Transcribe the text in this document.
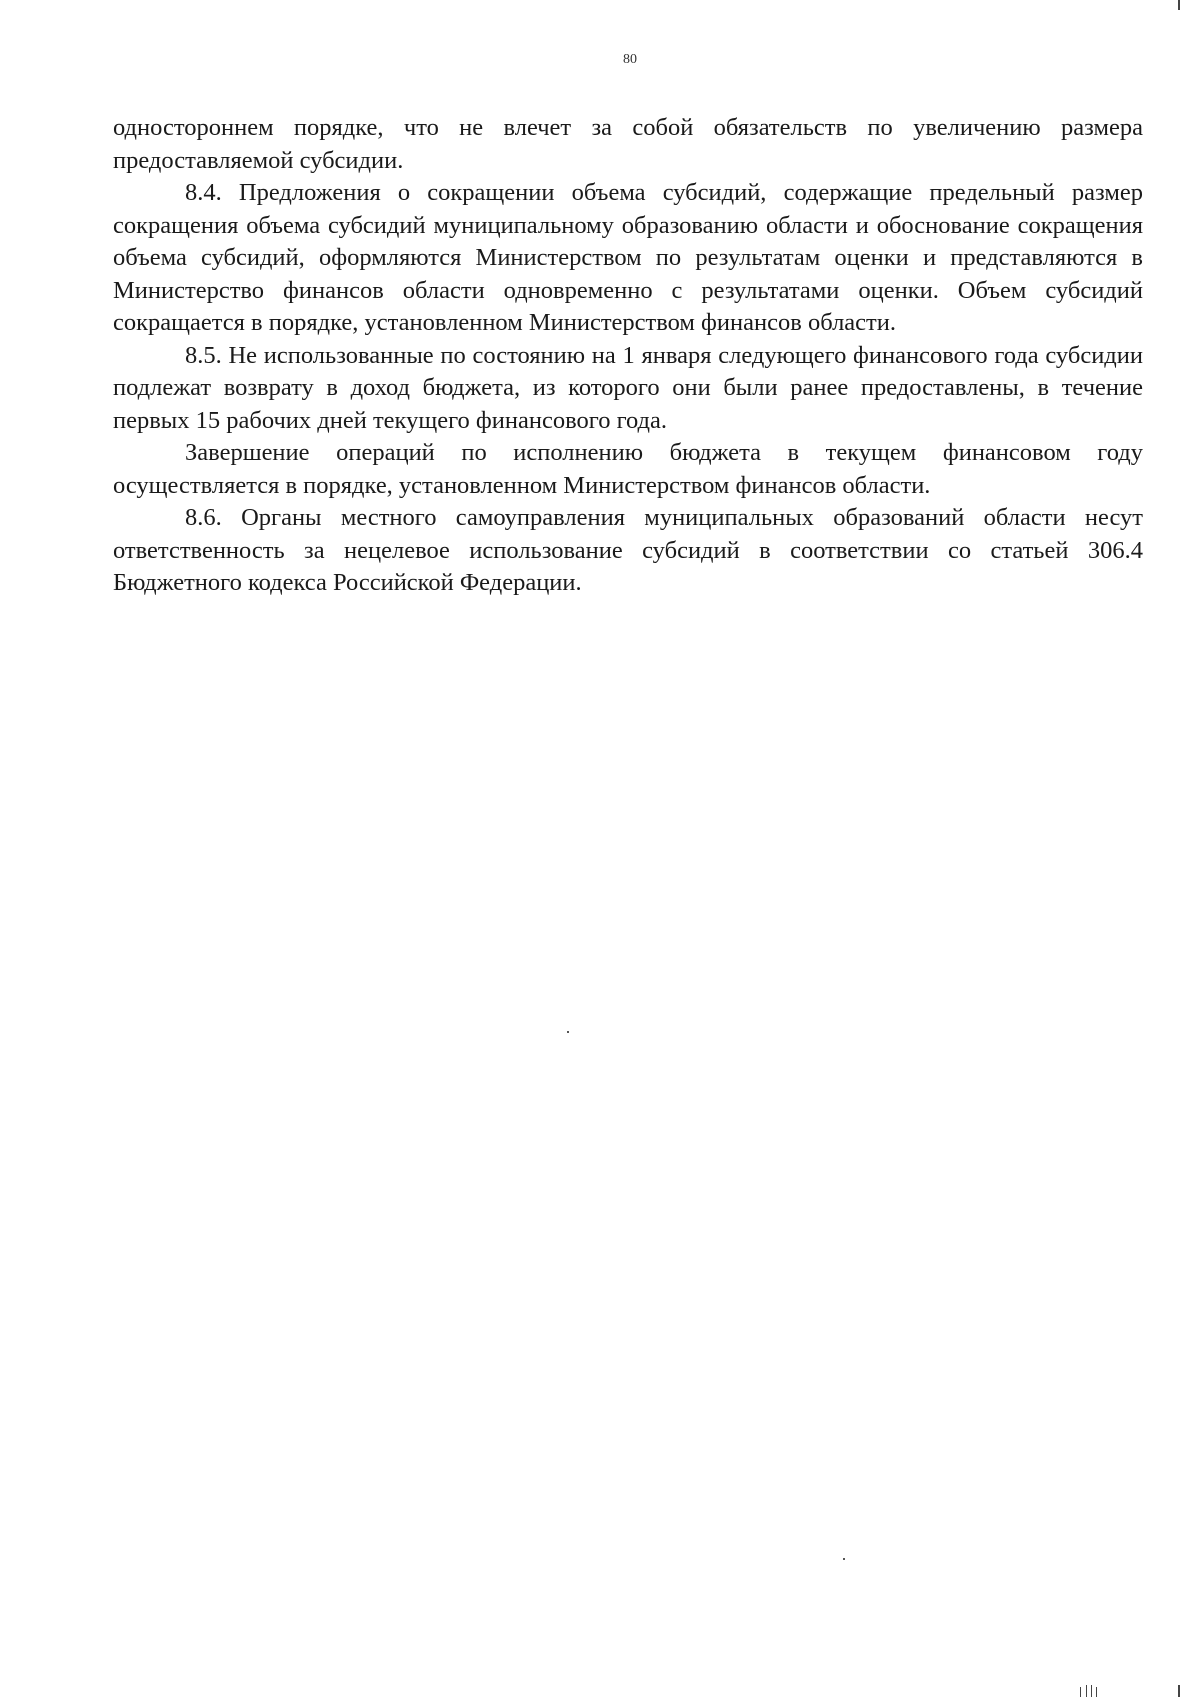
80

одностороннем порядке, что не влечет за собой обязательств по увеличению размера предоставляемой субсидии.

8.4. Предложения о сокращении объема субсидий, содержащие предельный размер сокращения объема субсидий муниципальному образованию области и обоснование сокращения объема субсидий, оформляются Министерством по результатам оценки и представляются в Министерство финансов области одновременно с результатами оценки. Объем субсидий сокращается в порядке, установленном Министерством финансов области.

8.5. Не использованные по состоянию на 1 января следующего финансового года субсидии подлежат возврату в доход бюджета, из которого они были ранее предоставлены, в течение первых 15 рабочих дней текущего финансового года.

Завершение операций по исполнению бюджета в текущем финансовом году осуществляется в порядке, установленном Министерством финансов области.

8.6. Органы местного самоуправления муниципальных образований области несут ответственность за нецелевое использование субсидий в соответствии со статьей 306.4 Бюджетного кодекса Российской Федерации.
